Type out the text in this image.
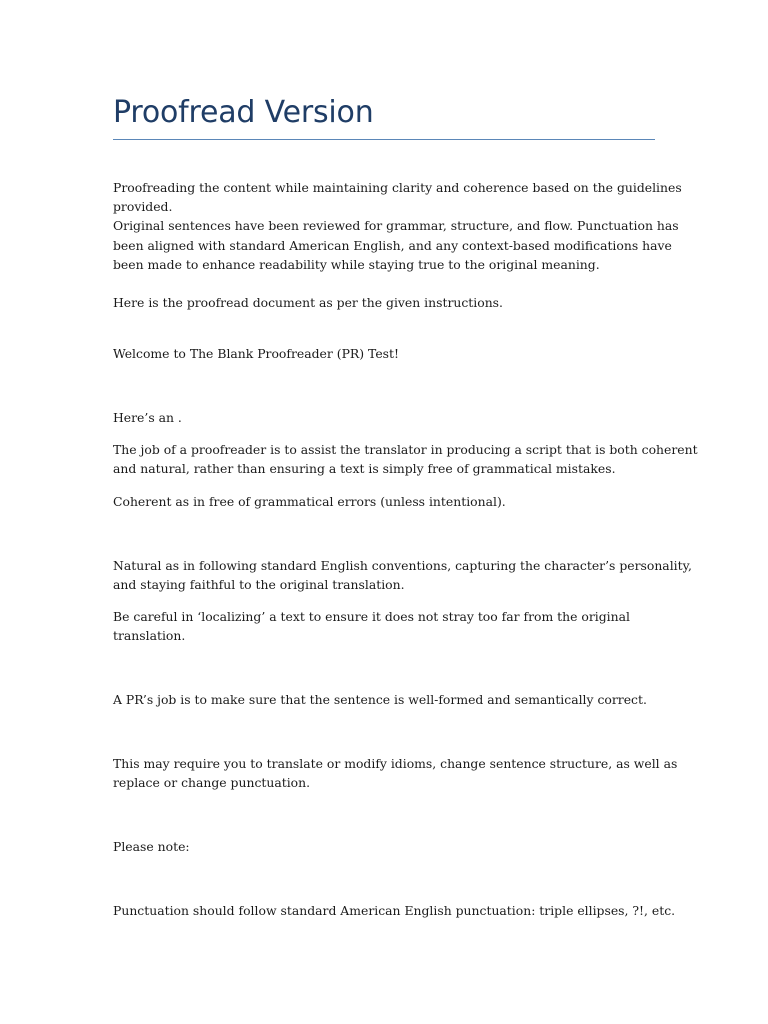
Proofread Version
Proofreading the content while maintaining clarity and coherence based on the guidelines
provided.
Original sentences have been reviewed for grammar, structure, and flow. Punctuation has
been aligned with standard American English, and any context-based modifications have
been made to enhance readability while staying true to the original meaning.
Here is the proofread document as per the given instructions.
Welcome to The Blank Proofreader (PR) Test!
Here’s an .
The job of a proofreader is to assist the translator in producing a script that is both coherent
and natural, rather than ensuring a text is simply free of grammatical mistakes.
Coherent as in free of grammatical errors (unless intentional).
Natural as in following standard English conventions, capturing the character’s personality,
and staying faithful to the original translation.
Be careful in ‘localizing’ a text to ensure it does not stray too far from the original
translation.
A PR’s job is to make sure that the sentence is well-formed and semantically correct.
This may require you to translate or modify idioms, change sentence structure, as well as
replace or change punctuation.
Please note:
Punctuation should follow standard American English punctuation: triple ellipses, ?!, etc.
